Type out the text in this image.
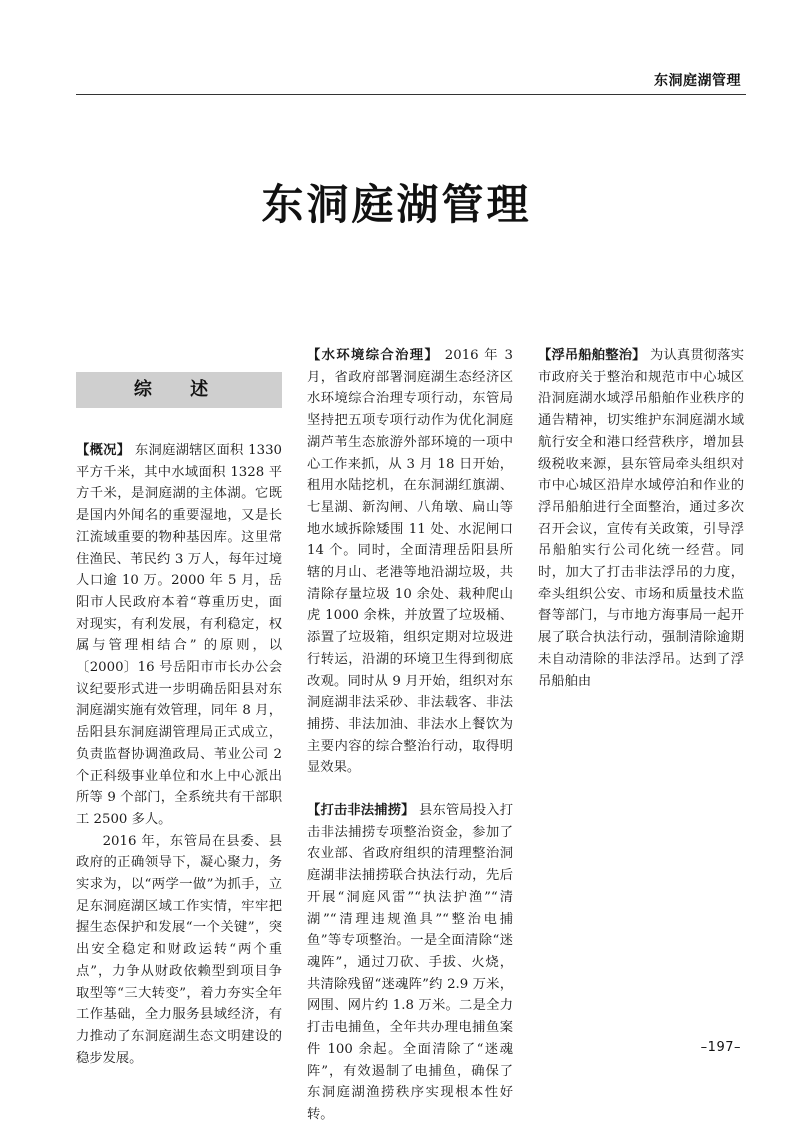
东洞庭湖管理
东洞庭湖管理
综 述

【概况】 东洞庭湖辖区面积 1330 平方千米，其中水域面积 1328 平方千米，是洞庭湖的主体湖。它既是国内外闻名的重要湿地，又是长江流域重要的物种基因库。这里常住渔民、苇民约 3 万人，每年过境人口逾 10 万。2000 年 5 月，岳阳市人民政府本着“尊重历史，面对现实，有利发展，有利稳定，权属与管理相结合” 的原则，以〔2000〕16 号岳阳市市长办公会议纪要形式进一步明确岳阳县对东洞庭湖实施有效管理，同年 8 月，岳阳县东洞庭湖管理局正式成立，负责监督协调渔政局、苇业公司 2 个正科级事业单位和水上中心派出所等 9 个部门，全系统共有干部职工 2500 多人。

2016 年，东管局在县委、县政府的正确领导下，凝心聚力，务实求为，以“两学一做”为抓手，立足东洞庭湖区域工作实情，牢牢把握生态保护和发展“一个关键”，突出安全稳定和财政运转“两个重点”，力争从财政依赖型到项目争取型等“三大转变”，着力夯实全年工作基础，全力服务县域经济，有力推动了东洞庭湖生态文明建设的稳步发展。

【水环境综合治理】 2016 年 3 月，省政府部署洞庭湖生态经济区水环境综合治理专项行动，东管局坚持把五项专项行动作为优化洞庭湖芦苇生态旅游外部环境的一项中心工作来抓，从 3 月 18 日开始，租用水陆挖机，在东洞湖红旗湖、七星湖、新沟闸、八角墩、扁山等地水域拆除矮围 11 处、水泥闸口 14 个。同时，全面清理岳阳县所辖的月山、老港等地沿湖垃圾，共清除存量垃圾 10 余处、栽种爬山虎 1000 余株，并放置了垃圾桶、添置了垃圾箱，组织定期对垃圾进行转运，沿湖的环境卫生得到彻底改观。同时从 9 月开始，组织对东洞庭湖非法采砂、非法载客、非法捕捞、非法加油、非法水上餐饮为主要内容的综合整治行动，取得明显效果。

【打击非法捕捞】 县东管局投入打击非法捕捞专项整治资金，参加了农业部、省政府组织的清理整治洞庭湖非法捕捞联合执法行动，先后开展“洞庭风雷”“执法护渔”“清湖”“清理违规渔具”“整治电捕鱼”等专项整治。一是全面清除“迷魂阵”，通过刀砍、手拔、火烧，共清除残留“迷魂阵”约 2.9 万米，网围、网片约 1.8 万米。二是全力打击电捕鱼，全年共办理电捕鱼案件 100 余起。全面清除了“迷魂阵”，有效遏制了电捕鱼，确保了东洞庭湖渔捞秩序实现根本性好转。

【浮吊船舶整治】 为认真贯彻落实市政府关于整治和规范市中心城区沿洞庭湖水域浮吊船舶作业秩序的通告精神，切实维护东洞庭湖水域航行安全和港口经营秩序，增加县级税收来源，县东管局牵头组织对市中心城区沿岸水域停泊和作业的浮吊船舶进行全面整治，通过多次召开会议，宣传有关政策，引导浮吊船舶实行公司化统一经营。同时，加大了打击非法浮吊的力度，牵头组织公安、市场和质量技术监督等部门，与市地方海事局一起开展了联合执法行动，强制清除逾期未自动清除的非法浮吊。达到了浮吊船舶由

–197–
